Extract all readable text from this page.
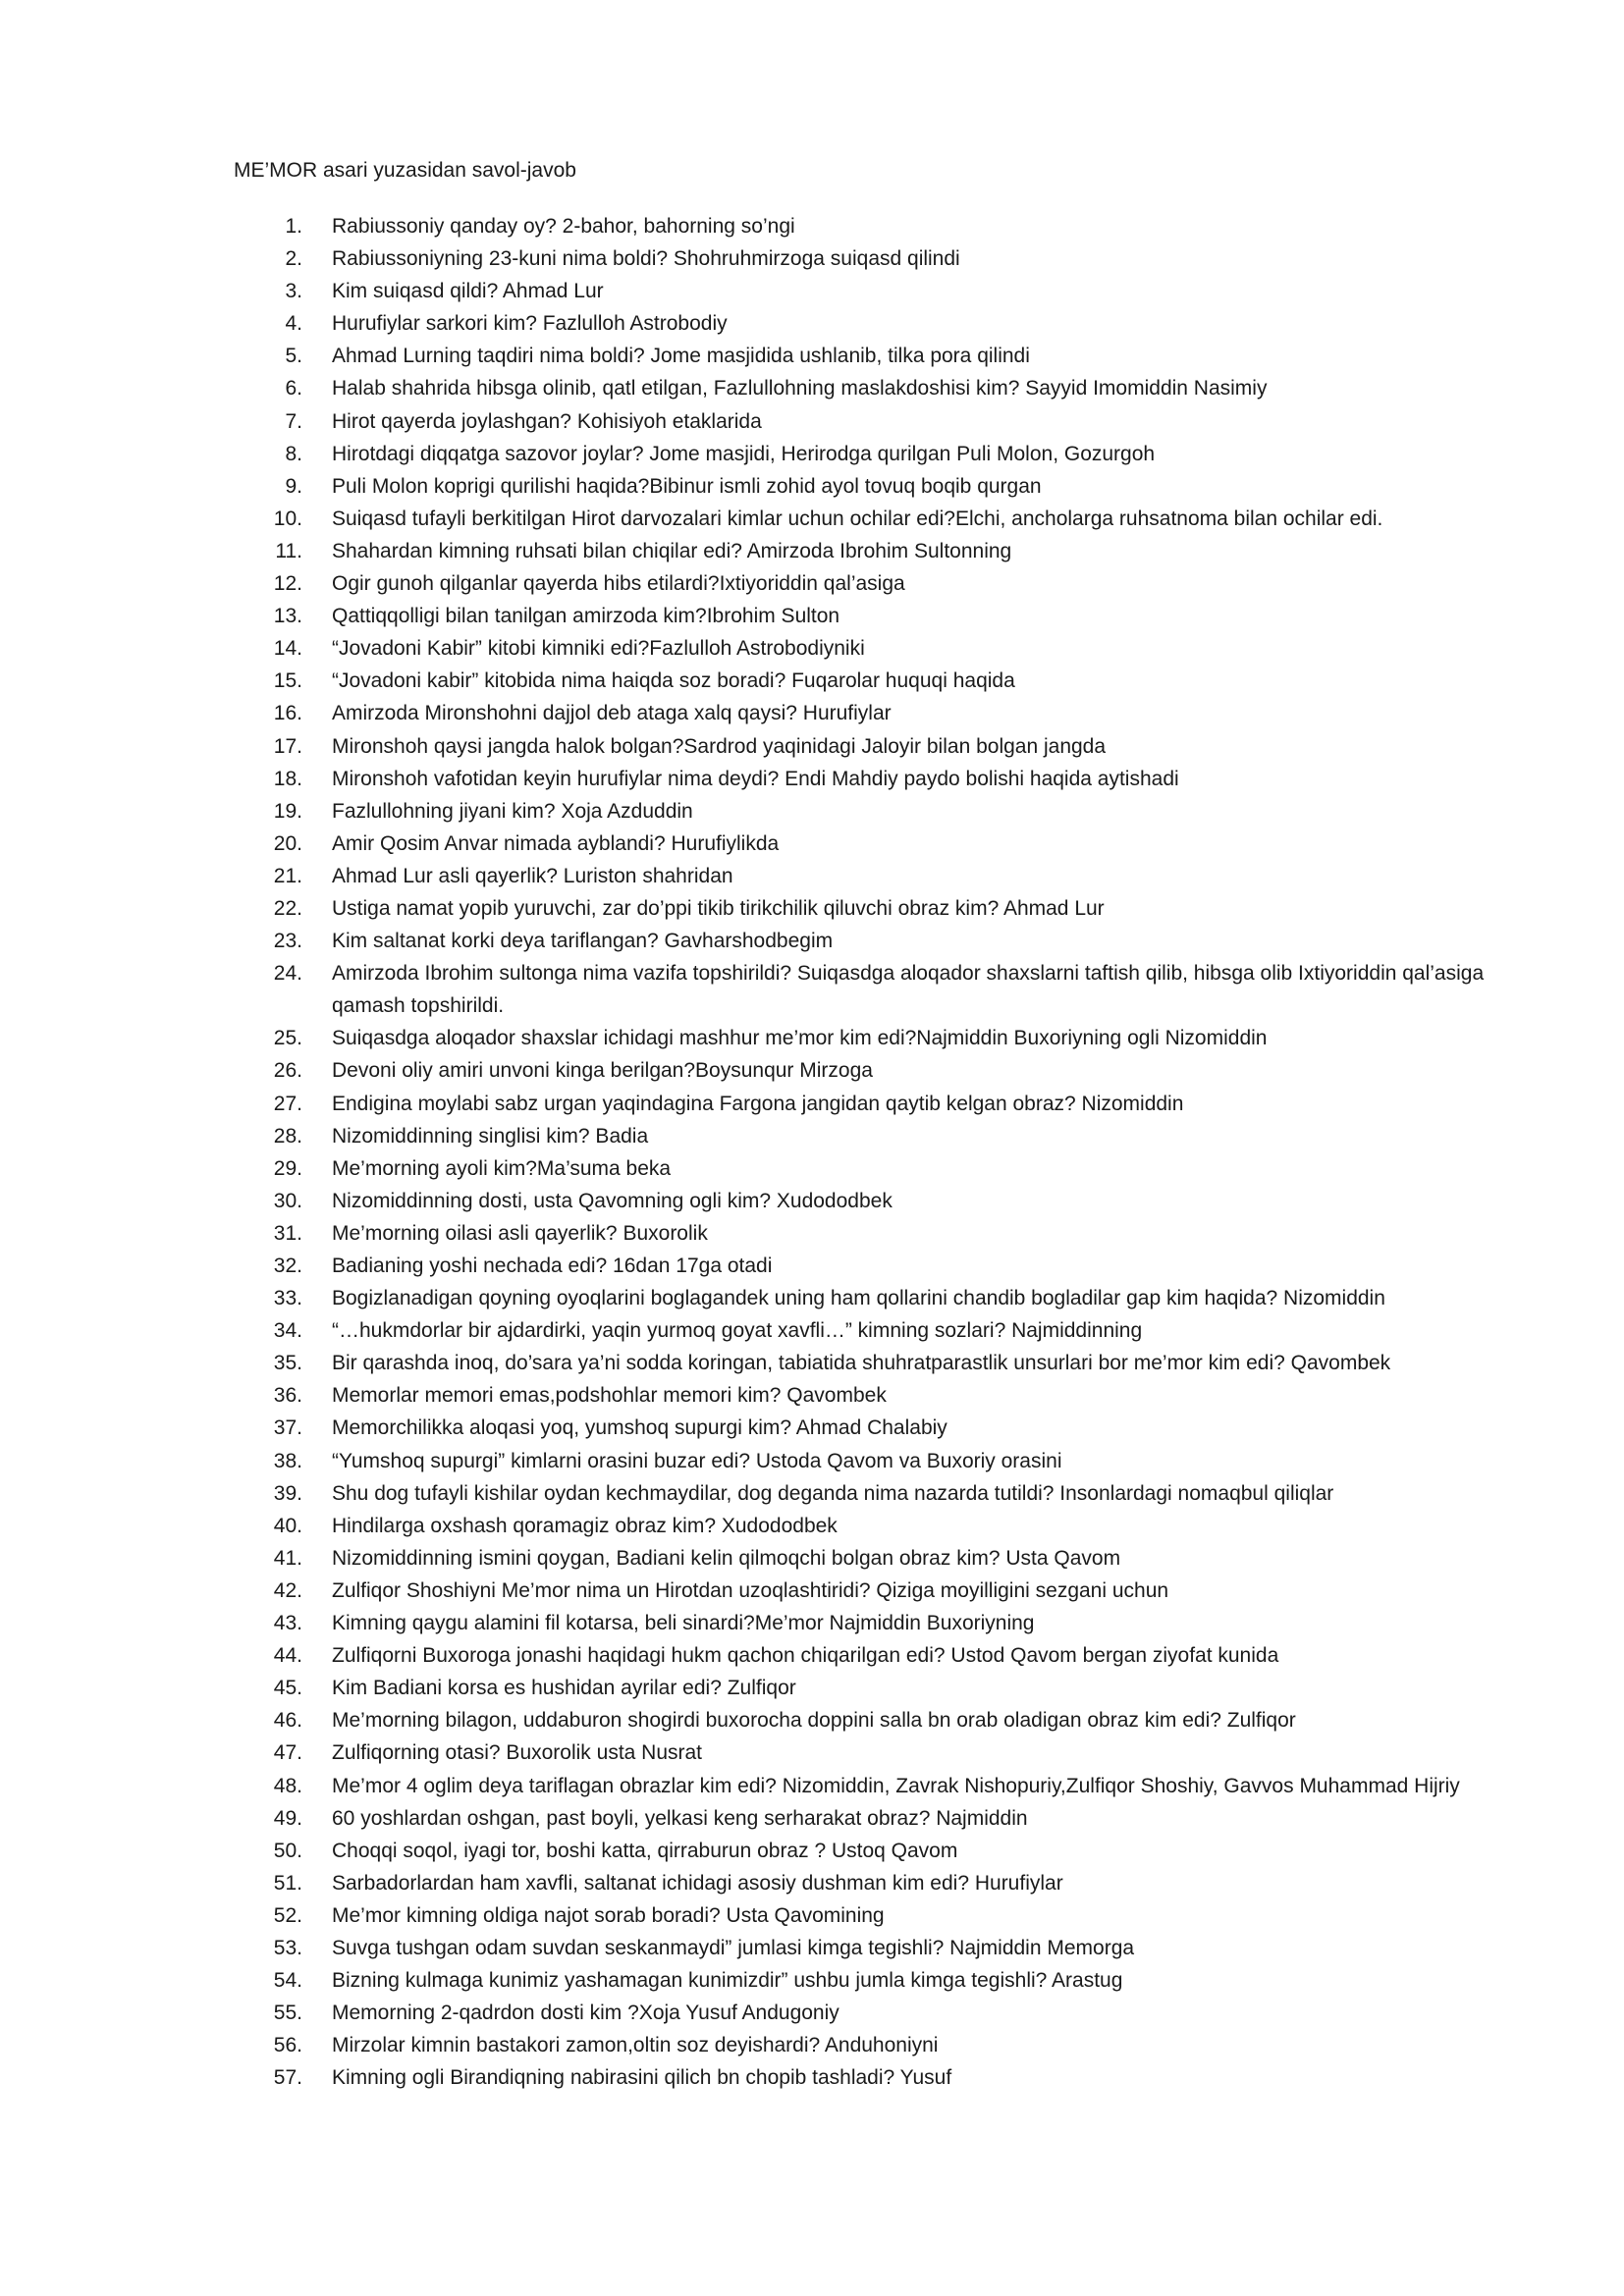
ME’MOR asari yuzasidan savol-javob
1. Rabiussoniy qanday oy? 2-bahor, bahorning so’ngi
2. Rabiussoniyning 23-kuni nima boldi? Shohruhmirzoga suiqasd qilindi
3. Kim suiqasd qildi? Ahmad Lur
4. Hurufiylar sarkori kim? Fazlulloh Astrobodiy
5. Ahmad Lurning taqdiri nima boldi? Jome masjidida ushlanib, tilka pora qilindi
6. Halab shahrida hibsga olinib, qatl etilgan, Fazlullohning maslakdoshisi kim? Sayyid Imomiddin Nasimiy
7. Hirot qayerda joylashgan? Kohisiyoh etaklarida
8. Hirotdagi diqqatga sazovor joylar? Jome masjidi, Herirodga qurilgan Puli Molon, Gozurgoh
9. Puli Molon koprigi qurilishi haqida?Bibinur ismli zohid ayol tovuq boqib qurgan
10. Suiqasd tufayli berkitilgan Hirot darvozalari kimlar uchun ochilar edi?Elchi, ancholarga ruhsatnoma bilan ochilar edi.
11. Shahardan kimning ruhsati bilan chiqilar edi? Amirzoda Ibrohim Sultonning
12. Ogir gunoh qilganlar qayerda hibs etilardi?Ixtiyoriddin qal’asiga
13. Qattiqqolligi bilan tanilgan amirzoda kim?Ibrohim Sulton
14. “Jovadoni Kabir” kitobi kimniki edi?Fazlulloh Astrobodiyniki
15. “Jovadoni kabir” kitobida nima haiqda soz boradi? Fuqarolar huquqi haqida
16. Amirzoda Mironshohni dajjol deb ataga xalq qaysi? Hurufiylar
17. Mironshoh qaysi jangda halok bolgan?Sardrod yaqinidagi Jaloyir bilan bolgan jangda
18. Mironshoh vafotidan keyin hurufiylar nima deydi? Endi Mahdiy paydo bolishi haqida aytishadi
19. Fazlullohning jiyani kim? Xoja Azduddin
20. Amir Qosim Anvar nimada ayblandi? Hurufiylikda
21. Ahmad Lur asli qayerlik? Luriston shahridan
22. Ustiga namat yopib yuruvchi, zar do’ppi tikib tirikchilik qiluvchi obraz kim? Ahmad Lur
23. Kim saltanat korki deya tariflangan? Gavharshodbegim
24. Amirzoda Ibrohim sultonga nima vazifa topshirildi? Suiqasdga aloqador shaxslarni taftish qilib, hibsga olib Ixtiyoriddin qal’asiga qamash topshirildi.
25. Suiqasdga aloqador shaxslar ichidagi mashhur me’mor kim edi?Najmiddin Buxoriyning ogli Nizomiddin
26. Devoni oliy amiri unvoni kinga berilgan?Boysunqur Mirzoga
27. Endigina moylabi sabz urgan yaqindagina Fargona jangidan qaytib kelgan obraz? Nizomiddin
28. Nizomiddinning singlisi kim? Badia
29. Me’morning ayoli kim?Ma’suma beka
30. Nizomiddinning dosti, usta Qavomning ogli kim? Xudododbek
31. Me’morning oilasi asli qayerlik? Buxorolik
32. Badianing yoshi nechada edi? 16dan 17ga otadi
33. Bogizlanadigan qoyning oyoqlarini boglagandek uning ham qollarini chandib bogladilar gap kim haqida? Nizomiddin
34. “…hukmdorlar bir ajdardirki, yaqin yurmoq goyat xavfli…” kimning sozlari? Najmiddinning
35. Bir qarashda inoq, do’sara ya’ni sodda koringan, tabiatida shuhratparastlik unsurlari bor me’mor kim edi? Qavombek
36. Memorlar memori emas,podshohlar memori kim? Qavombek
37. Memorchilikka aloqasi yoq, yumshoq supurgi kim? Ahmad Chalabiy
38. “Yumshoq supurgi” kimlarni orasini buzar edi? Ustoda Qavom va Buxoriy orasini
39. Shu dog tufayli kishilar oydan kechmaydilar, dog deganda nima nazarda tutildi? Insonlardagi nomaqbul qiliqlar
40. Hindilarga oxshash qoramagiz obraz kim? Xudododbek
41. Nizomiddinning ismini qoygan, Badiani kelin qilmoqchi bolgan obraz kim? Usta Qavom
42. Zulfiqor Shoshiyni Me’mor nima un Hirotdan uzoqlashtiridi? Qiziga moyilligini sezgani uchun
43. Kimning qaygu alamini fil kotarsa, beli sinardi?Me’mor Najmiddin Buxoriyning
44. Zulfiqorni Buxoroga jonashi haqidagi hukm qachon chiqarilgan edi? Ustod Qavom bergan ziyofat kunida
45. Kim Badiani korsa es hushidan ayrilar edi? Zulfiqor
46. Me’morning bilagon, uddaburon shogirdi buxorocha doppini salla bn orab oladigan obraz kim edi? Zulfiqor
47. Zulfiqorning otasi? Buxorolik usta Nusrat
48. Me’mor 4 oglim deya tariflagan obrazlar kim edi? Nizomiddin, Zavrak Nishopuriy,Zulfiqor Shoshiy, Gavvos Muhammad Hijriy
49. 60 yoshlardan oshgan, past boyli, yelkasi keng serharakat obraz? Najmiddin
50. Choqqi soqol, iyagi tor, boshi katta, qirraburun obraz ? Ustoq Qavom
51. Sarbadorlardan ham xavfli, saltanat ichidagi asosiy dushman kim edi? Hurufiylar
52. Me’mor kimning oldiga najot sorab boradi? Usta Qavomining
53. Suvga tushgan odam suvdan seskanmaydi” jumlasi kimga tegishli? Najmiddin Memorga
54. Bizning kulmaga kunimiz yashamagan kunimizdir” ushbu jumla kimga tegishli? Arastug
55. Memorning 2-qadrdon dosti kim ?Xoja Yusuf Andugoniy
56. Mirzolar kimnin bastakori zamon,oltin soz deyishardi? Anduhoniyni
57. Kimning ogli Birandiqning nabirasini qilich bn chopib tashladi? Yusuf
